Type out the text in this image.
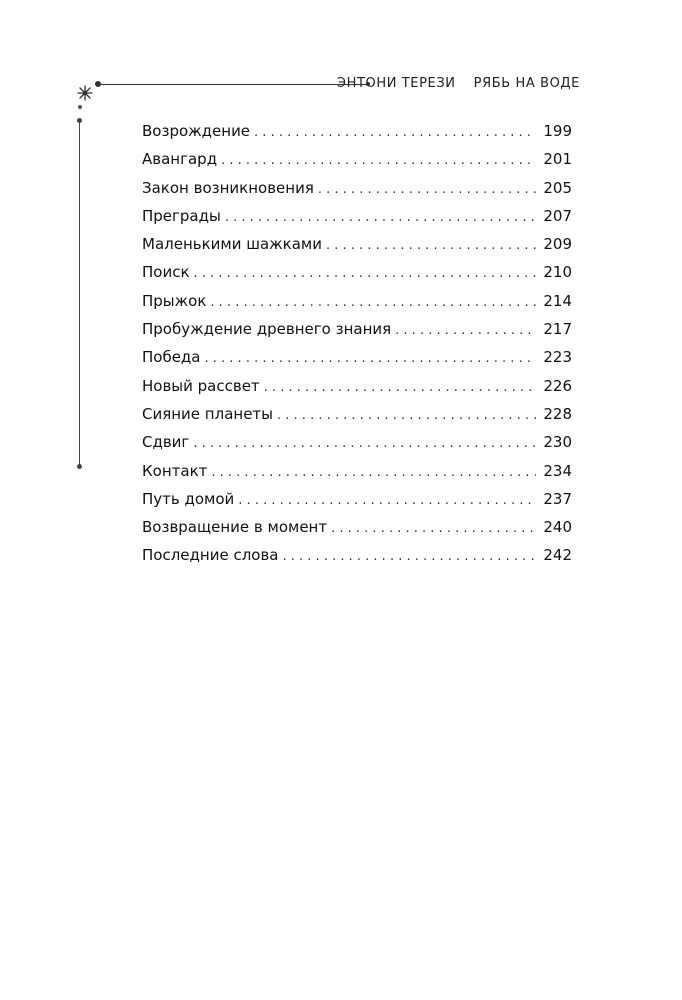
ЭНТОНИ ТЕРЕЗИ РЯБЬ НА ВОДЕ
Возрождение . . .	199
Авангард . . .	201
Закон возникновения . . .	205
Преграды . . .	207
Маленькими шажками . . .	209
Поиск . . .	210
Прыжок . . .	214
Пробуждение древнего знания . . .	217
Победа . . .	223
Новый рассвет . . .	226
Сияние планеты . . .	228
Сдвиг . . .	230
Контакт . . .	234
Путь домой . . .	237
Возвращение в момент . . .	240
Последние слова . . .	242
